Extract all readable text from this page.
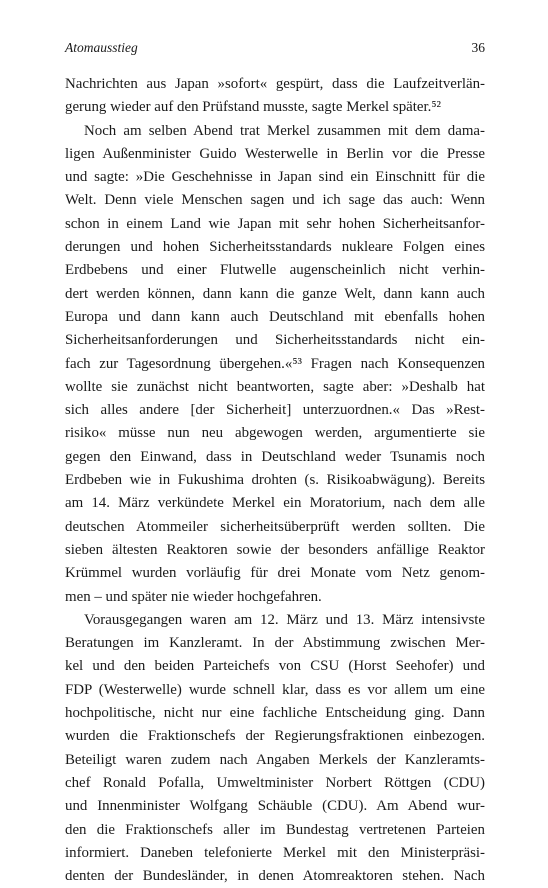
Atomausstieg	36
Nachrichten aus Japan »sofort« gespürt, dass die Laufzeitverlän-
gerung wieder auf den Prüfstand musste, sagte Merkel später.⁵²
Noch am selben Abend trat Merkel zusammen mit dem dama-
ligen Außenminister Guido Westerwelle in Berlin vor die Presse
und sagte: »Die Geschehnisse in Japan sind ein Einschnitt für die
Welt. Denn viele Menschen sagen und ich sage das auch: Wenn
schon in einem Land wie Japan mit sehr hohen Sicherheitsanfor-
derungen und hohen Sicherheitsstandards nukleare Folgen eines
Erdbebens und einer Flutwelle augenscheinlich nicht verhin-
dert werden können, dann kann die ganze Welt, dann kann auch
Europa und dann kann auch Deutschland mit ebenfalls hohen
Sicherheitsanforderungen und Sicherheitsstandards nicht ein-
fach zur Tagesordnung übergehen.«⁵³ Fragen nach Konsequenzen
wollte sie zunächst nicht beantworten, sagte aber: »Deshalb hat
sich alles andere [der Sicherheit] unterzuordnen.« Das »Rest-
risiko« müsse nun neu abgewogen werden, argumentierte sie
gegen den Einwand, dass in Deutschland weder Tsunamis noch
Erdbeben wie in Fukushima drohten (s. Risikoabwägung). Bereits
am 14. März verkündete Merkel ein Moratorium, nach dem alle
deutschen Atommeiler sicherheitsüberprüft werden sollten. Die
sieben ältesten Reaktoren sowie der besonders anfällige Reaktor
Krümmel wurden vorläufig für drei Monate vom Netz genom-
men – und später nie wieder hochgefahren.
Vorausgegangen waren am 12. März und 13. März intensivste
Beratungen im Kanzleramt. In der Abstimmung zwischen Mer-
kel und den beiden Parteichefs von CSU (Horst Seehofer) und
FDP (Westerwelle) wurde schnell klar, dass es vor allem um eine
hochpolitische, nicht nur eine fachliche Entscheidung ging. Dann
wurden die Fraktionschefs der Regierungsfraktionen einbezogen.
Beteiligt waren zudem nach Angaben Merkels der Kanzleramts-
chef Ronald Pofalla, Umweltminister Norbert Röttgen (CDU)
und Innenminister Wolfgang Schäuble (CDU). Am Abend wur-
den die Fraktionschefs aller im Bundestag vertretenen Parteien
informiert. Daneben telefonierte Merkel mit den Ministerpräsi-
denten der Bundesländer, in denen Atomreaktoren stehen. Nach
